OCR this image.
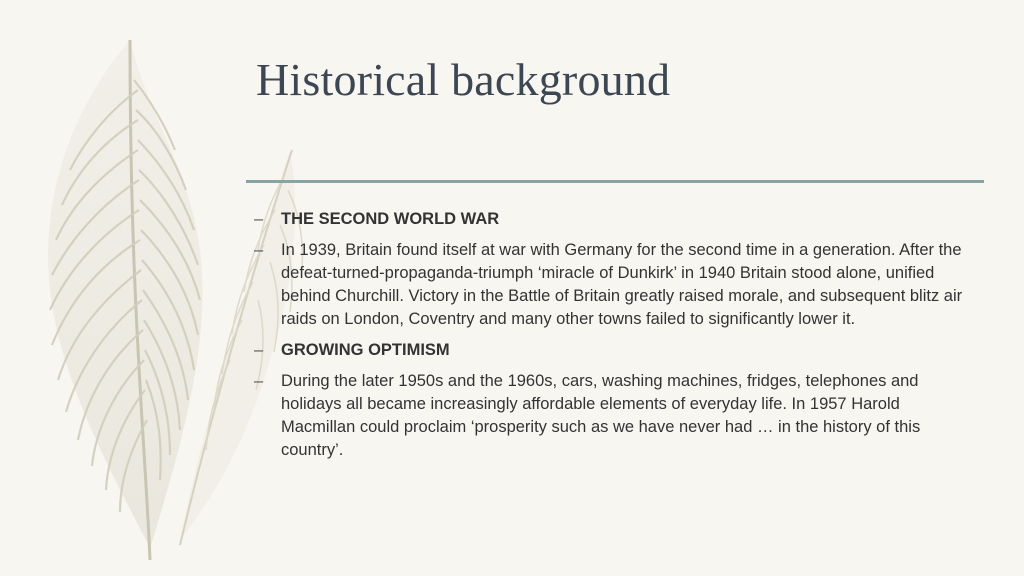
Historical background
– THE SECOND WORLD WAR
– In 1939, Britain found itself at war with Germany for the second time in a generation. After the defeat-turned-propaganda-triumph ‘miracle of Dunkirk’ in 1940 Britain stood alone, unified behind Churchill. Victory in the Battle of Britain greatly raised morale, and subsequent blitz air raids on London, Coventry and many other towns failed to significantly lower it.
– GROWING OPTIMISM
– During the later 1950s and the 1960s, cars, washing machines, fridges, telephones and holidays all became increasingly affordable elements of everyday life. In 1957 Harold Macmillan could proclaim ‘prosperity such as we have never had … in the history of this country’.
